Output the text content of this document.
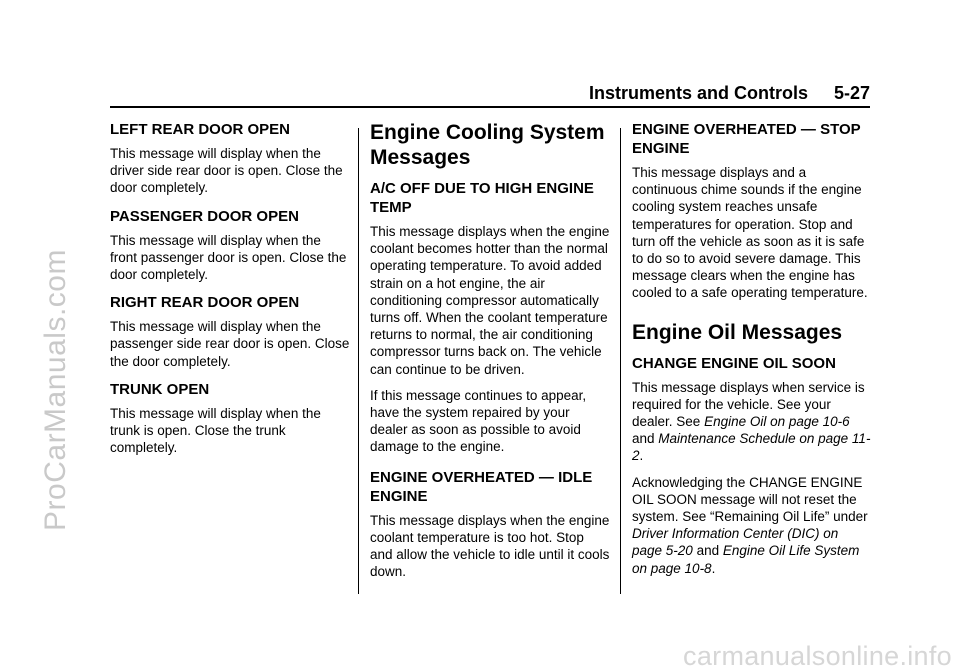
Instruments and Controls 5-27
ProCarManuals.com
carmanualsonline.info
LEFT REAR DOOR OPEN

This message will display when the driver side rear door is open. Close the door completely.

PASSENGER DOOR OPEN

This message will display when the front passenger door is open. Close the door completely.

RIGHT REAR DOOR OPEN

This message will display when the passenger side rear door is open. Close the door completely.

TRUNK OPEN

This message will display when the trunk is open. Close the trunk completely.

Engine Cooling System Messages
A/C OFF DUE TO HIGH ENGINE TEMP

This message displays when the engine coolant becomes hotter than the normal operating temperature. To avoid added strain on a hot engine, the air conditioning compressor automatically turns off. When the coolant temperature returns to normal, the air conditioning compressor turns back on. The vehicle can continue to be driven.

If this message continues to appear, have the system repaired by your dealer as soon as possible to avoid damage to the engine.

ENGINE OVERHEATED — IDLE ENGINE

This message displays when the engine coolant temperature is too hot. Stop and allow the vehicle to idle until it cools down.

ENGINE OVERHEATED — STOP ENGINE

This message displays and a continuous chime sounds if the engine cooling system reaches unsafe temperatures for operation. Stop and turn off the vehicle as soon as it is safe to do so to avoid severe damage. This message clears when the engine has cooled to a safe operating temperature.

Engine Oil Messages
CHANGE ENGINE OIL SOON

This message displays when service is required for the vehicle. See your dealer. See Engine Oil on page 10-6 and Maintenance Schedule on page 11-2.

Acknowledging the CHANGE ENGINE OIL SOON message will not reset the system. See “Remaining Oil Life” under Driver Information Center (DIC) on page 5-20 and Engine Oil Life System on page 10-8.
